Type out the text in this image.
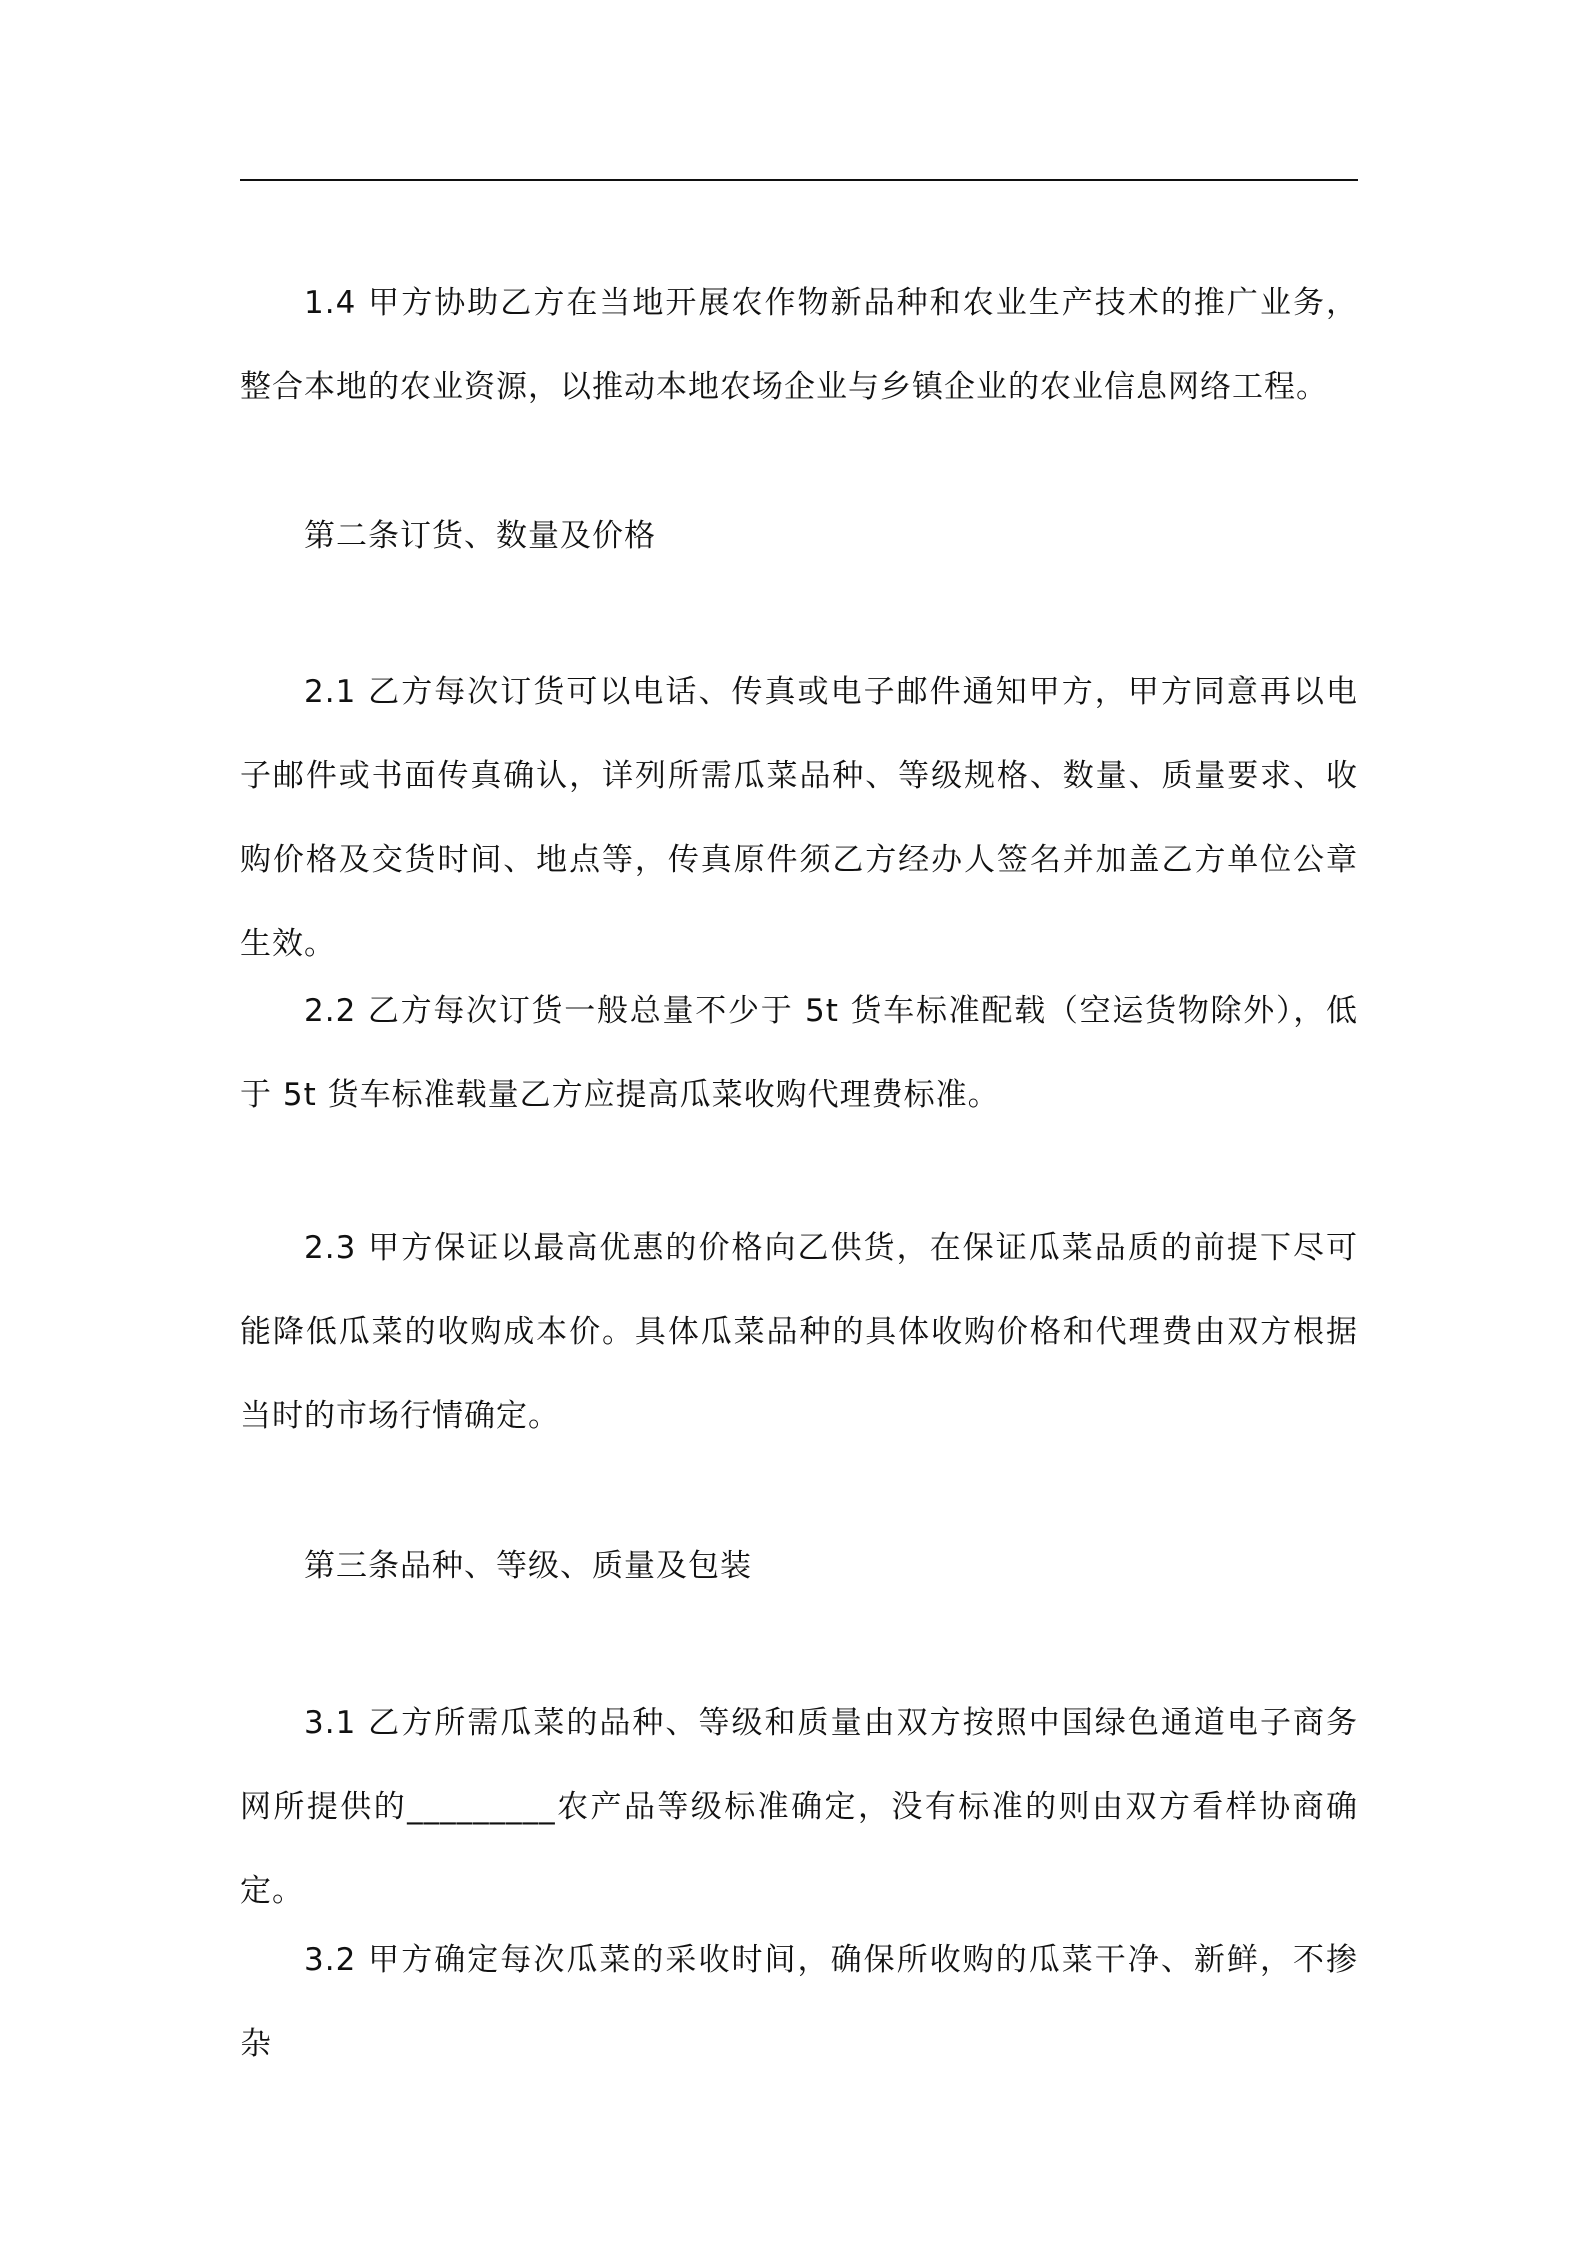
1.4 甲方协助乙方在当地开展农作物新品种和农业生产技术的推广业务，整合本地的农业资源，以推动本地农场企业与乡镇企业的农业信息网络工程。

第二条订货、数量及价格

2.1 乙方每次订货可以电话、传真或电子邮件通知甲方，甲方同意再以电子邮件或书面传真确认，详列所需瓜菜品种、等级规格、数量、质量要求、收购价格及交货时间、地点等，传真原件须乙方经办人签名并加盖乙方单位公章生效。

2.2 乙方每次订货一般总量不少于 5t 货车标准配载（空运货物除外），低于 5t 货车标准载量乙方应提高瓜菜收购代理费标准。

2.3 甲方保证以最高优惠的价格向乙供货，在保证瓜菜品质的前提下尽可能降低瓜菜的收购成本价。具体瓜菜品种的具体收购价格和代理费由双方根据当时的市场行情确定。

第三条品种、等级、质量及包装

3.1 乙方所需瓜菜的品种、等级和质量由双方按照中国绿色通道电子商务网所提供的_________农产品等级标准确定，没有标准的则由双方看样协商确定。

3.2 甲方确定每次瓜菜的采收时间，确保所收购的瓜菜干净、新鲜，不掺杂
